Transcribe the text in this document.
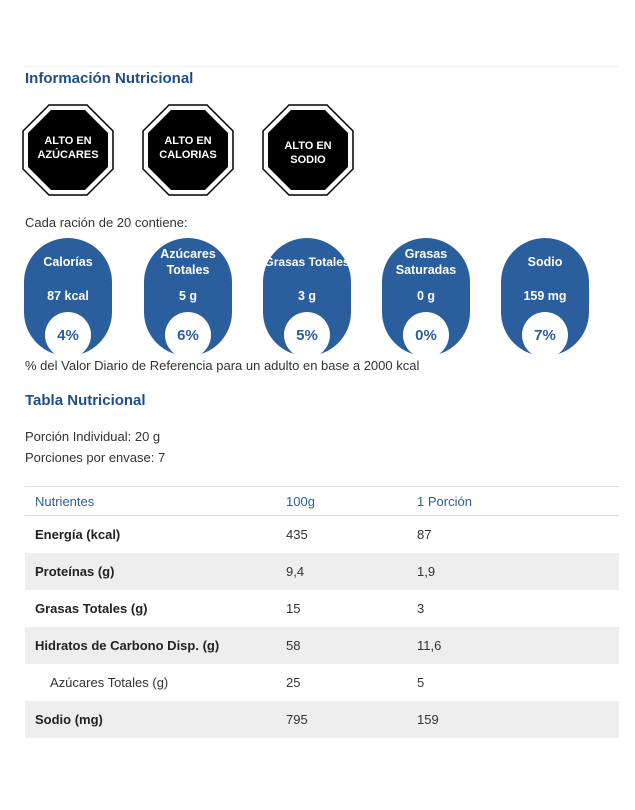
Información Nutricional
ALTO EN
AZÚCARES
ALTO EN
CALORIAS
ALTO EN
SODIO
Cada ración de 20 contiene:
Calorías
87 kcal
4%
Azúcares Totales
5 g
6%
Grasas Totales
3 g
5%
Grasas Saturadas
0 g
0%
Sodio
159 mg
7%
% del Valor Diario de Referencia para un adulto en base a 2000 kcal
Tabla Nutricional
Porción Individual: 20 g
Porciones por envase: 7
Nutrientes	100g	1 Porción
Energía (kcal)	435	87
Proteínas (g)	9,4	1,9
Grasas Totales (g)	15	3
Hidratos de Carbono Disp. (g)	58	11,6
Azúcares Totales (g)	25	5
Sodio (mg)	795	159
